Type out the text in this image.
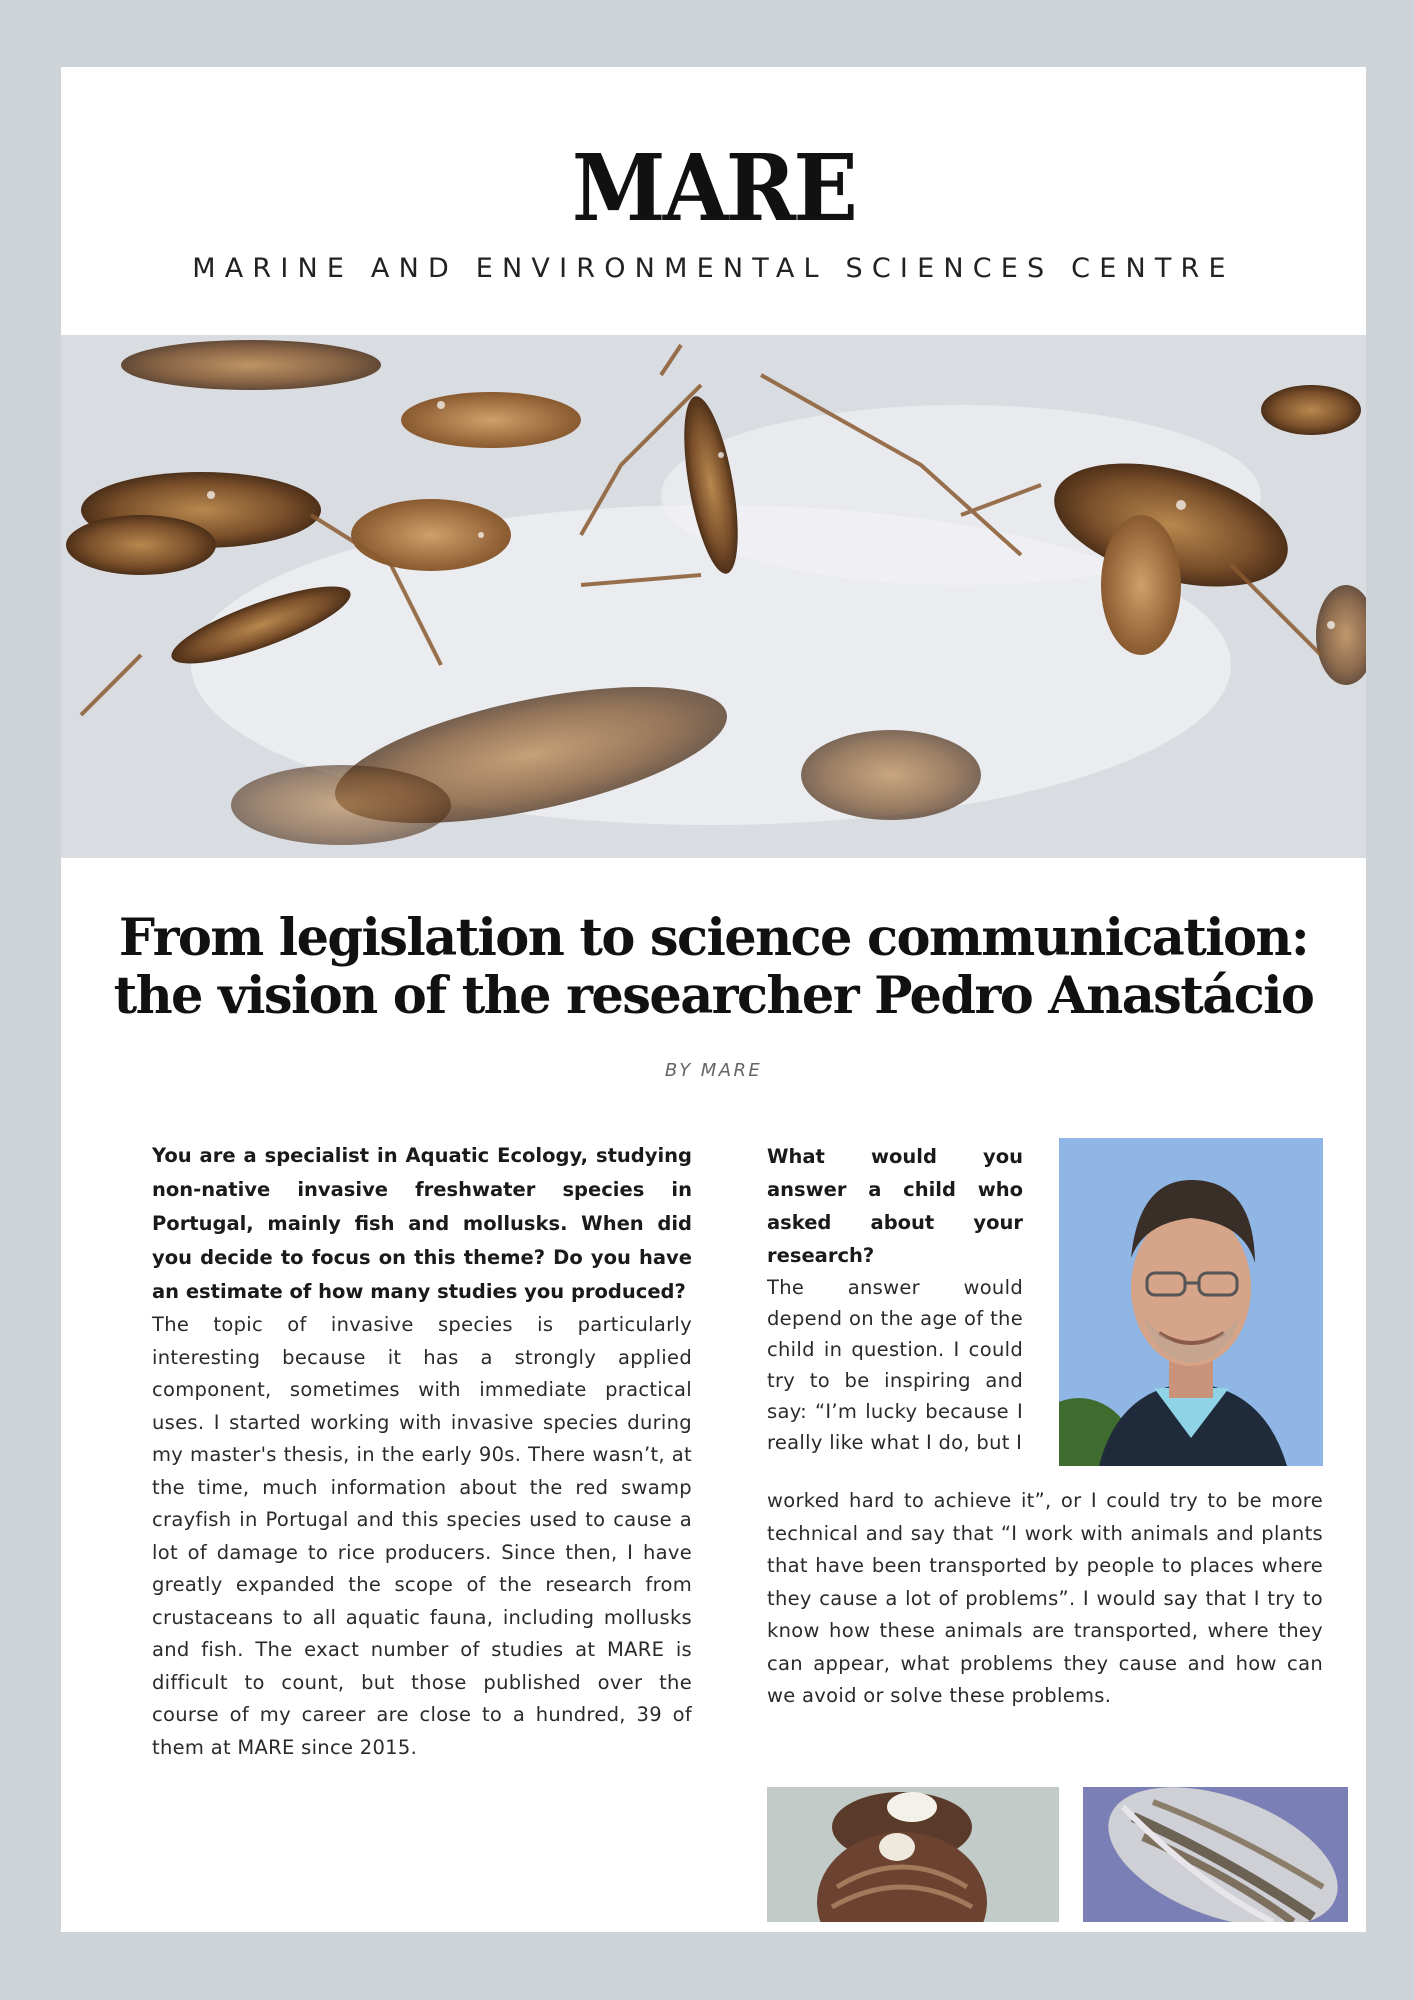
MARE
MARINE AND ENVIRONMENTAL SCIENCES CENTRE
From legislation to science communication:
the vision of the researcher Pedro Anastácio
BY MARE
You are a specialist in Aquatic Ecology, studying non-native invasive freshwater species in Portugal, mainly fish and mollusks. When did you decide to focus on this theme? Do you have an estimate of how many studies you produced?
The topic of invasive species is particularly interesting because it has a strongly applied component, sometimes with immediate practical uses. I started working with invasive species during my master's thesis, in the early 90s. There wasn’t, at the time, much information about the red swamp crayfish in Portugal and this species used to cause a lot of damage to rice producers. Since then, I have greatly expanded the scope of the research from crustaceans to all aquatic fauna, including mollusks and fish. The exact number of studies at MARE is difficult to count, but those published over the course of my career are close to a hundred, 39 of them at MARE since 2015.
What would you answer a child who asked about your research?
The answer would depend on the age of the child in question. I could try to be inspiring and say: “I’m lucky because I really like what I do, but I
worked hard to achieve it”, or I could try to be more technical and say that “I work with animals and plants that have been transported by people to places where they cause a lot of problems”. I would say that I try to know how these animals are transported, where they can appear, what problems they cause and how can we avoid or solve these problems.
